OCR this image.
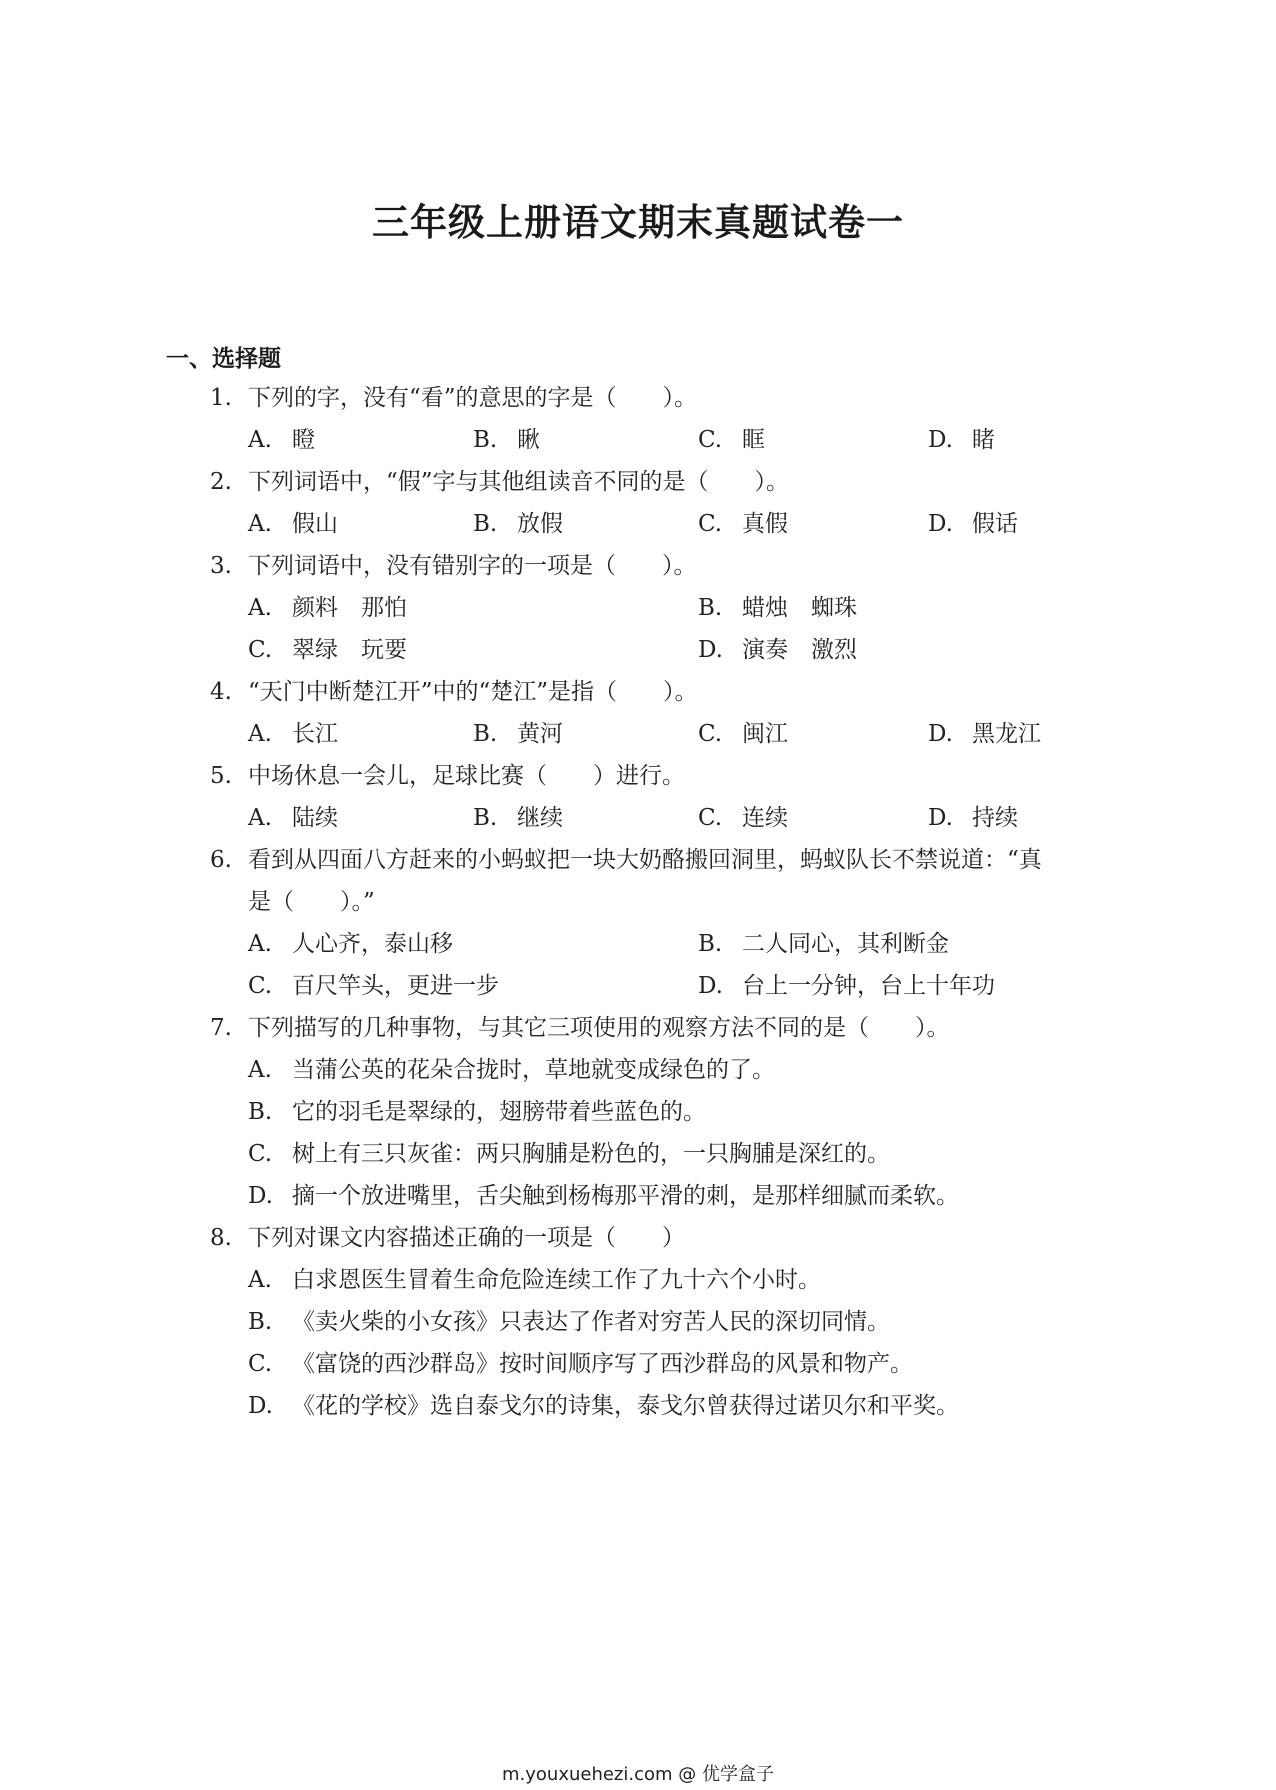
三年级上册语文期末真题试卷一
一、选择题
1. 下列的字，没有“看”的意思的字是（　　）。
A. 瞪	B. 瞅	C. 眶	D. 睹
2. 下列词语中，“假”字与其他组读音不同的是（　　）。
A. 假山	B. 放假	C. 真假	D. 假话
3. 下列词语中，没有错别字的一项是（　　）。
A. 颜料　那怕	B. 蜡烛　蜘珠
C. 翠绿　玩要	D. 演奏　激烈
4. “天门中断楚江开”中的“楚江”是指（　　）。
A. 长江	B. 黄河	C. 闽江	D. 黑龙江
5. 中场休息一会儿，足球比赛（　　）进行。
A. 陆续	B. 继续	C. 连续	D. 持续
6. 看到从四面八方赶来的小蚂蚁把一块大奶酪搬回洞里，蚂蚁队长不禁说道：“真
是（　　）。”
A. 人心齐，泰山移	B. 二人同心，其利断金
C. 百尺竿头，更进一步	D. 台上一分钟，台上十年功
7. 下列描写的几种事物，与其它三项使用的观察方法不同的是（　　）。
A. 当蒲公英的花朵合拢时，草地就变成绿色的了。
B. 它的羽毛是翠绿的，翅膀带着些蓝色的。
C. 树上有三只灰雀：两只胸脯是粉色的，一只胸脯是深红的。
D. 摘一个放进嘴里，舌尖触到杨梅那平滑的刺，是那样细腻而柔软。
8. 下列对课文内容描述正确的一项是（　　）
A. 白求恩医生冒着生命危险连续工作了九十六个小时。
B. 《卖火柴的小女孩》只表达了作者对穷苦人民的深切同情。
C. 《富饶的西沙群岛》按时间顺序写了西沙群岛的风景和物产。
D. 《花的学校》选自泰戈尔的诗集，泰戈尔曾获得过诺贝尔和平奖。
m.youxuehezi.com @ 优学盒子
